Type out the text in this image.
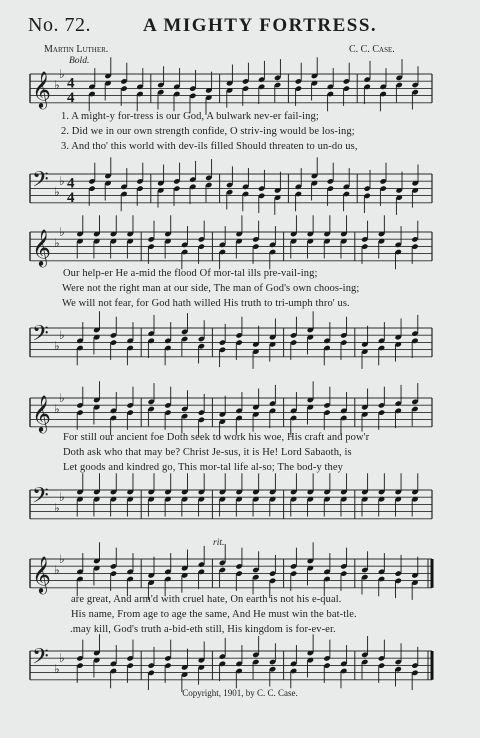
No. 72.	A MIGHTY FORTRESS.
Martin Luther.	C. C. Case.
Bold.
𝄞 ♭
♭
4
4
1. A might-y for-tress is our God, A bulwark nev-er fail-ing;
2. Did we in our own strength confide, O striv-ing would be los-ing;
3. And tho' this world with dev-ils filled Should threaten to un-do us,
𝄢 ♭
♭ 4
4
𝄞 ♭
♭
Our help-er He a-mid the flood Of mor-tal ills pre-vail-ing;
Were not the right man at our side, The man of God's own choos-ing;
We will not fear, for God hath willed His truth to tri-umph thro' us.
𝄢 ♭
♭
𝄞 ♭
♭
For still our ancient foe Doth seek to work his woe, His craft and pow'r
Doth ask who that may be? Christ Je-sus, it is He! Lord Sabaoth, is
Let goods and kindred go, This mor-tal life al-so; The bod-y they
𝄢 ♭
♭
rit.
𝄞 ♭
♭
are great, And arm'd with cruel hate, On earth is not his e-qual.
His name, From age to age the same, And He must win the bat-tle.
.may kill, God's truth a-bid-eth still, His kingdom is for-ev-er.
𝄢 ♭
♭
Copyright, 1901, by C. C. Case.
